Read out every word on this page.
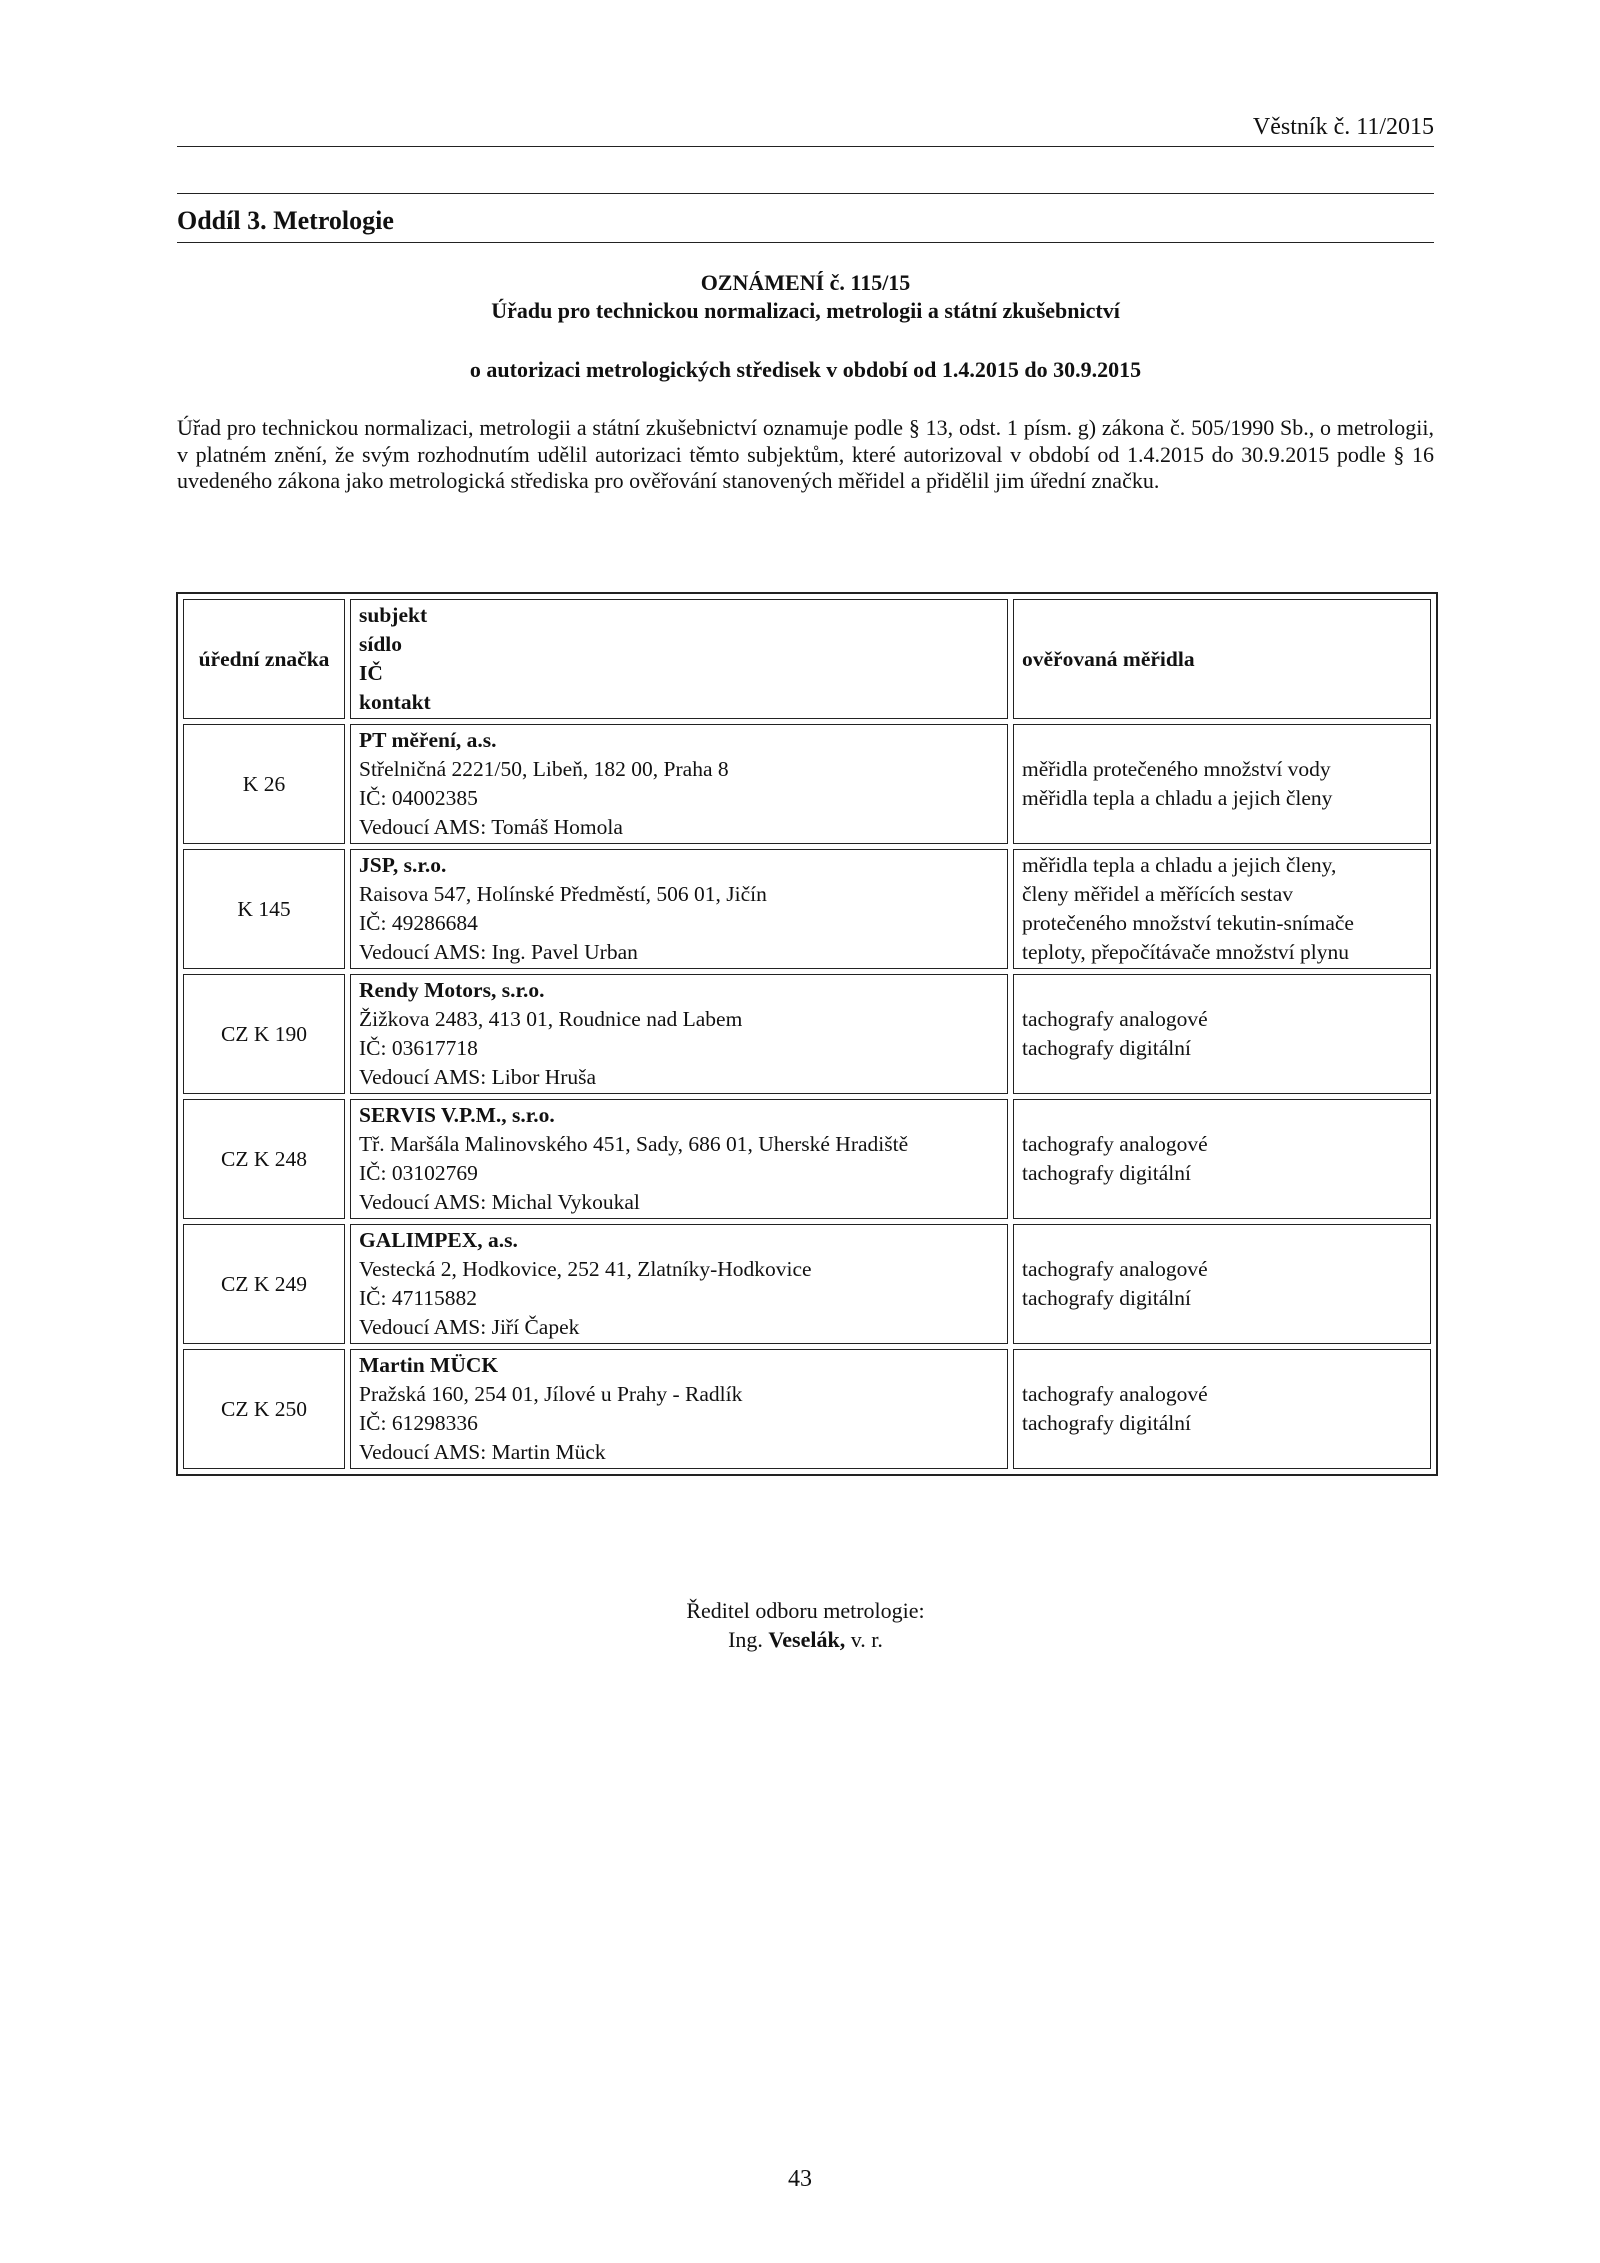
Věstník č. 11/2015
Oddíl 3. Metrologie
OZNÁMENÍ č. 115/15
Úřadu pro technickou normalizaci, metrologii a státní zkušebnictví
o autorizaci metrologických středisek v období od 1.4.2015 do 30.9.2015
Úřad pro technickou normalizaci, metrologii a státní zkušebnictví oznamuje podle § 13, odst. 1 písm. g) zákona č. 505/1990 Sb., o metrologii, v platném znění, že svým rozhodnutím udělil autorizaci těmto subjektům, které autorizoval v období od 1.4.2015 do 30.9.2015 podle § 16 uvedeného zákona jako metrologická střediska pro ověřování stanovených měřidel a přidělil jim úřední značku.
úřední značka	subjekt
sídlo
IČ
kontakt	ověřovaná měřidla
K 26	PT měření, a.s.
Střelničná 2221/50, Libeň, 182 00, Praha 8
IČ: 04002385
Vedoucí AMS: Tomáš Homola	měřidla protečeného množství vody
měřidla tepla a chladu a jejich členy

K 145	JSP, s.r.o.
Raisova 547, Holínské Předměstí, 506 01, Jičín
IČ: 49286684
Vedoucí AMS: Ing. Pavel Urban	měřidla tepla a chladu a jejich členy,
členy měřidel a měřících sestav
protečeného množství tekutin-snímače
teploty, přepočítávače množství plynu

CZ K 190	Rendy Motors, s.r.o.
Žižkova 2483, 413 01, Roudnice nad Labem
IČ: 03617718
Vedoucí AMS: Libor Hruša	tachografy analogové
tachografy digitální

CZ K 248	SERVIS V.P.M., s.r.o.
Tř. Maršála Malinovského 451, Sady, 686 01, Uherské Hradiště
IČ: 03102769
Vedoucí AMS: Michal Vykoukal	tachografy analogové
tachografy digitální

CZ K 249	GALIMPEX, a.s.
Vestecká 2, Hodkovice, 252 41, Zlatníky-Hodkovice
IČ: 47115882
Vedoucí AMS: Jiří Čapek	tachografy analogové
tachografy digitální

CZ K 250	Martin MÜCK
Pražská 160, 254 01, Jílové u Prahy - Radlík
IČ: 61298336
Vedoucí AMS: Martin Mück	tachografy analogové
tachografy digitální
Ředitel odboru metrologie:
Ing. Veselák, v. r.
43
